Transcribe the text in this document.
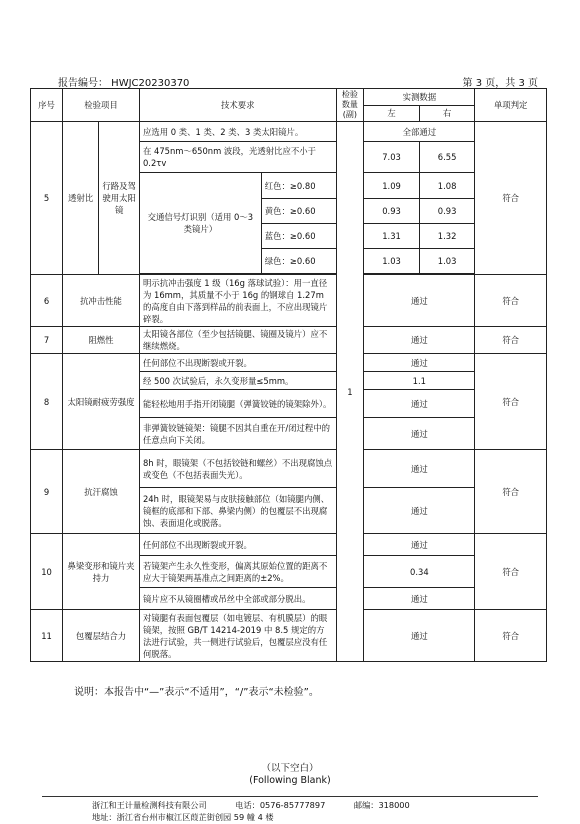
报告编号： HWJC20230370	第 3 页，共 3 页
序号	检验项目		技术要求		检验数量(副)	实测数据		单项判定
						左	右	
5	透射比	行路及驾驶用太阳镜	应选用 0 类、1 类、2 类、3 类太阳镜片。		1	全部通过		符合
			在 475nm～650nm 波段，光透射比应不小于 0.2τv			7.03	6.55	
			交通信号灯识别（适用 0～3 类镜片）	红色：≥0.80		1.09	1.08	
				黄色：≥0.60		0.93	0.93	
				蓝色：≥0.60		1.31	1.32	
				绿色：≥0.60		1.03	1.03	

6	抗冲击性能		明示抗冲击强度 1 级（16g 落球试验）：用一直径为 16mm，其质量不小于 16g 的钢球自 1.27m 的高度自由下落到样品的前表面上，不应出现镜片碎裂。			通过		符合
7	阻燃性		太阳镜各部位（至少包括镜腿、镜圈及镜片）应不继续燃烧。			通过		符合
8	太阳镜耐疲劳强度		任何部位不出现断裂或开裂。			通过		符合
			经 500 次试验后，永久变形量≤5mm。			1.1		
			能轻松地用手指开闭镜腿（弹簧铰链的镜架除外）。			通过		
			非弹簧铰链镜架：镜腿不因其自重在开/闭过程中的任意点向下关闭。			通过		
9	抗汗腐蚀		8h 时，眼镜架（不包括铰链和螺丝）不出现腐蚀点或变色（不包括表面失光）。			通过		符合
			24h 时，眼镜架易与皮肤接触部位（如镜腿内侧、镜框的底部和下部、鼻梁内侧）的包覆层不出现腐蚀、表面退化或脱落。			通过		
10	鼻梁变形和镜片夹持力		任何部位不出现断裂或开裂。			通过		符合
			若镜架产生永久性变形，偏离其原始位置的距离不应大于镜架两基准点之间距离的±2%。			0.34		
			镜片应不从镜圈槽或吊丝中全部或部分脱出。			通过		
11	包覆层结合力		对镜腿有表面包覆层（如电镀层、有机膜层）的眼镜架，按照 GB/T 14214-2019 中 8.5 规定的方法进行试验，共一侧进行试验后，包覆层应没有任何脱落。			通过		符合
说明：本报告中“—”表示“不适用”，“/”表示“未检验”。
（以下空白）
(Following Blank)
浙江和王计量检测科技有限公司	电话：0576-85777897	邮编：318000
地址：浙江省台州市椒江区葭芷街创园 59 幢 4 楼
